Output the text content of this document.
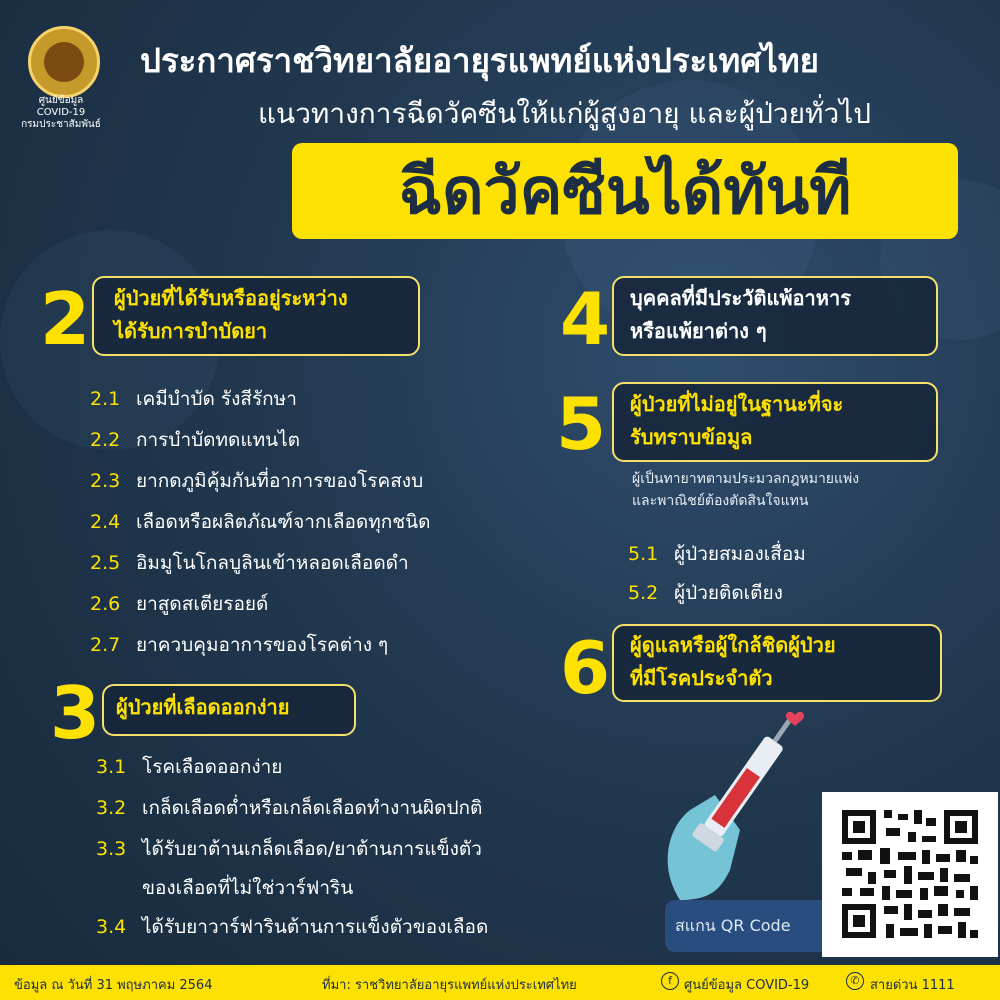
ศูนย์ข้อมูล
COVID-19
กรมประชาสัมพันธ์
ประกาศราชวิทยาลัยอายุรแพทย์แห่งประเทศไทย
แนวทางการฉีดวัคซีนให้แก่ผู้สูงอายุ และผู้ป่วยทั่วไป
ฉีดวัคซีนได้ทันที
2 ผู้ป่วยที่ได้รับหรืออยู่ระหว่าง
ได้รับการบำบัดยา
2.1 เคมีบำบัด รังสีรักษา
2.2 การบำบัดทดแทนไต
2.3 ยากดภูมิคุ้มกันที่อาการของโรคสงบ
2.4 เลือดหรือผลิตภัณฑ์จากเลือดทุกชนิด
2.5 อิมมูโนโกลบูลินเข้าหลอดเลือดดำ
2.6 ยาสูดสเตียรอยด์
2.7 ยาควบคุมอาการของโรคต่าง ๆ
3 ผู้ป่วยที่เลือดออกง่าย
3.1 โรคเลือดออกง่าย
3.2 เกล็ดเลือดต่ำหรือเกล็ดเลือดทำงานผิดปกติ
3.3 ได้รับยาต้านเกล็ดเลือด/ยาต้านการแข็งตัว
ของเลือดที่ไม่ใช่วาร์ฟาริน
3.4 ได้รับยาวาร์ฟารินต้านการแข็งตัวของเลือด
4 บุคคลที่มีประวัติแพ้อาหาร
หรือแพ้ยาต่าง ๆ
5 ผู้ป่วยที่ไม่อยู่ในฐานะที่จะ
รับทราบข้อมูล
ผู้เป็นทายาทตามประมวลกฎหมายแพ่ง
และพาณิชย์ต้องตัดสินใจแทน
5.1 ผู้ป่วยสมองเสื่อม
5.2 ผู้ป่วยติดเตียง
6 ผู้ดูแลหรือผู้ใกล้ชิดผู้ป่วย
ที่มีโรคประจำตัว
สแกน QR Code
ข้อมูล ณ วันที่ 31 พฤษภาคม 2564	ที่มา: ราชวิทยาลัยอายุรแพทย์แห่งประเทศไทย	f ศูนย์ข้อมูล COVID-19	✆ สายด่วน 1111
